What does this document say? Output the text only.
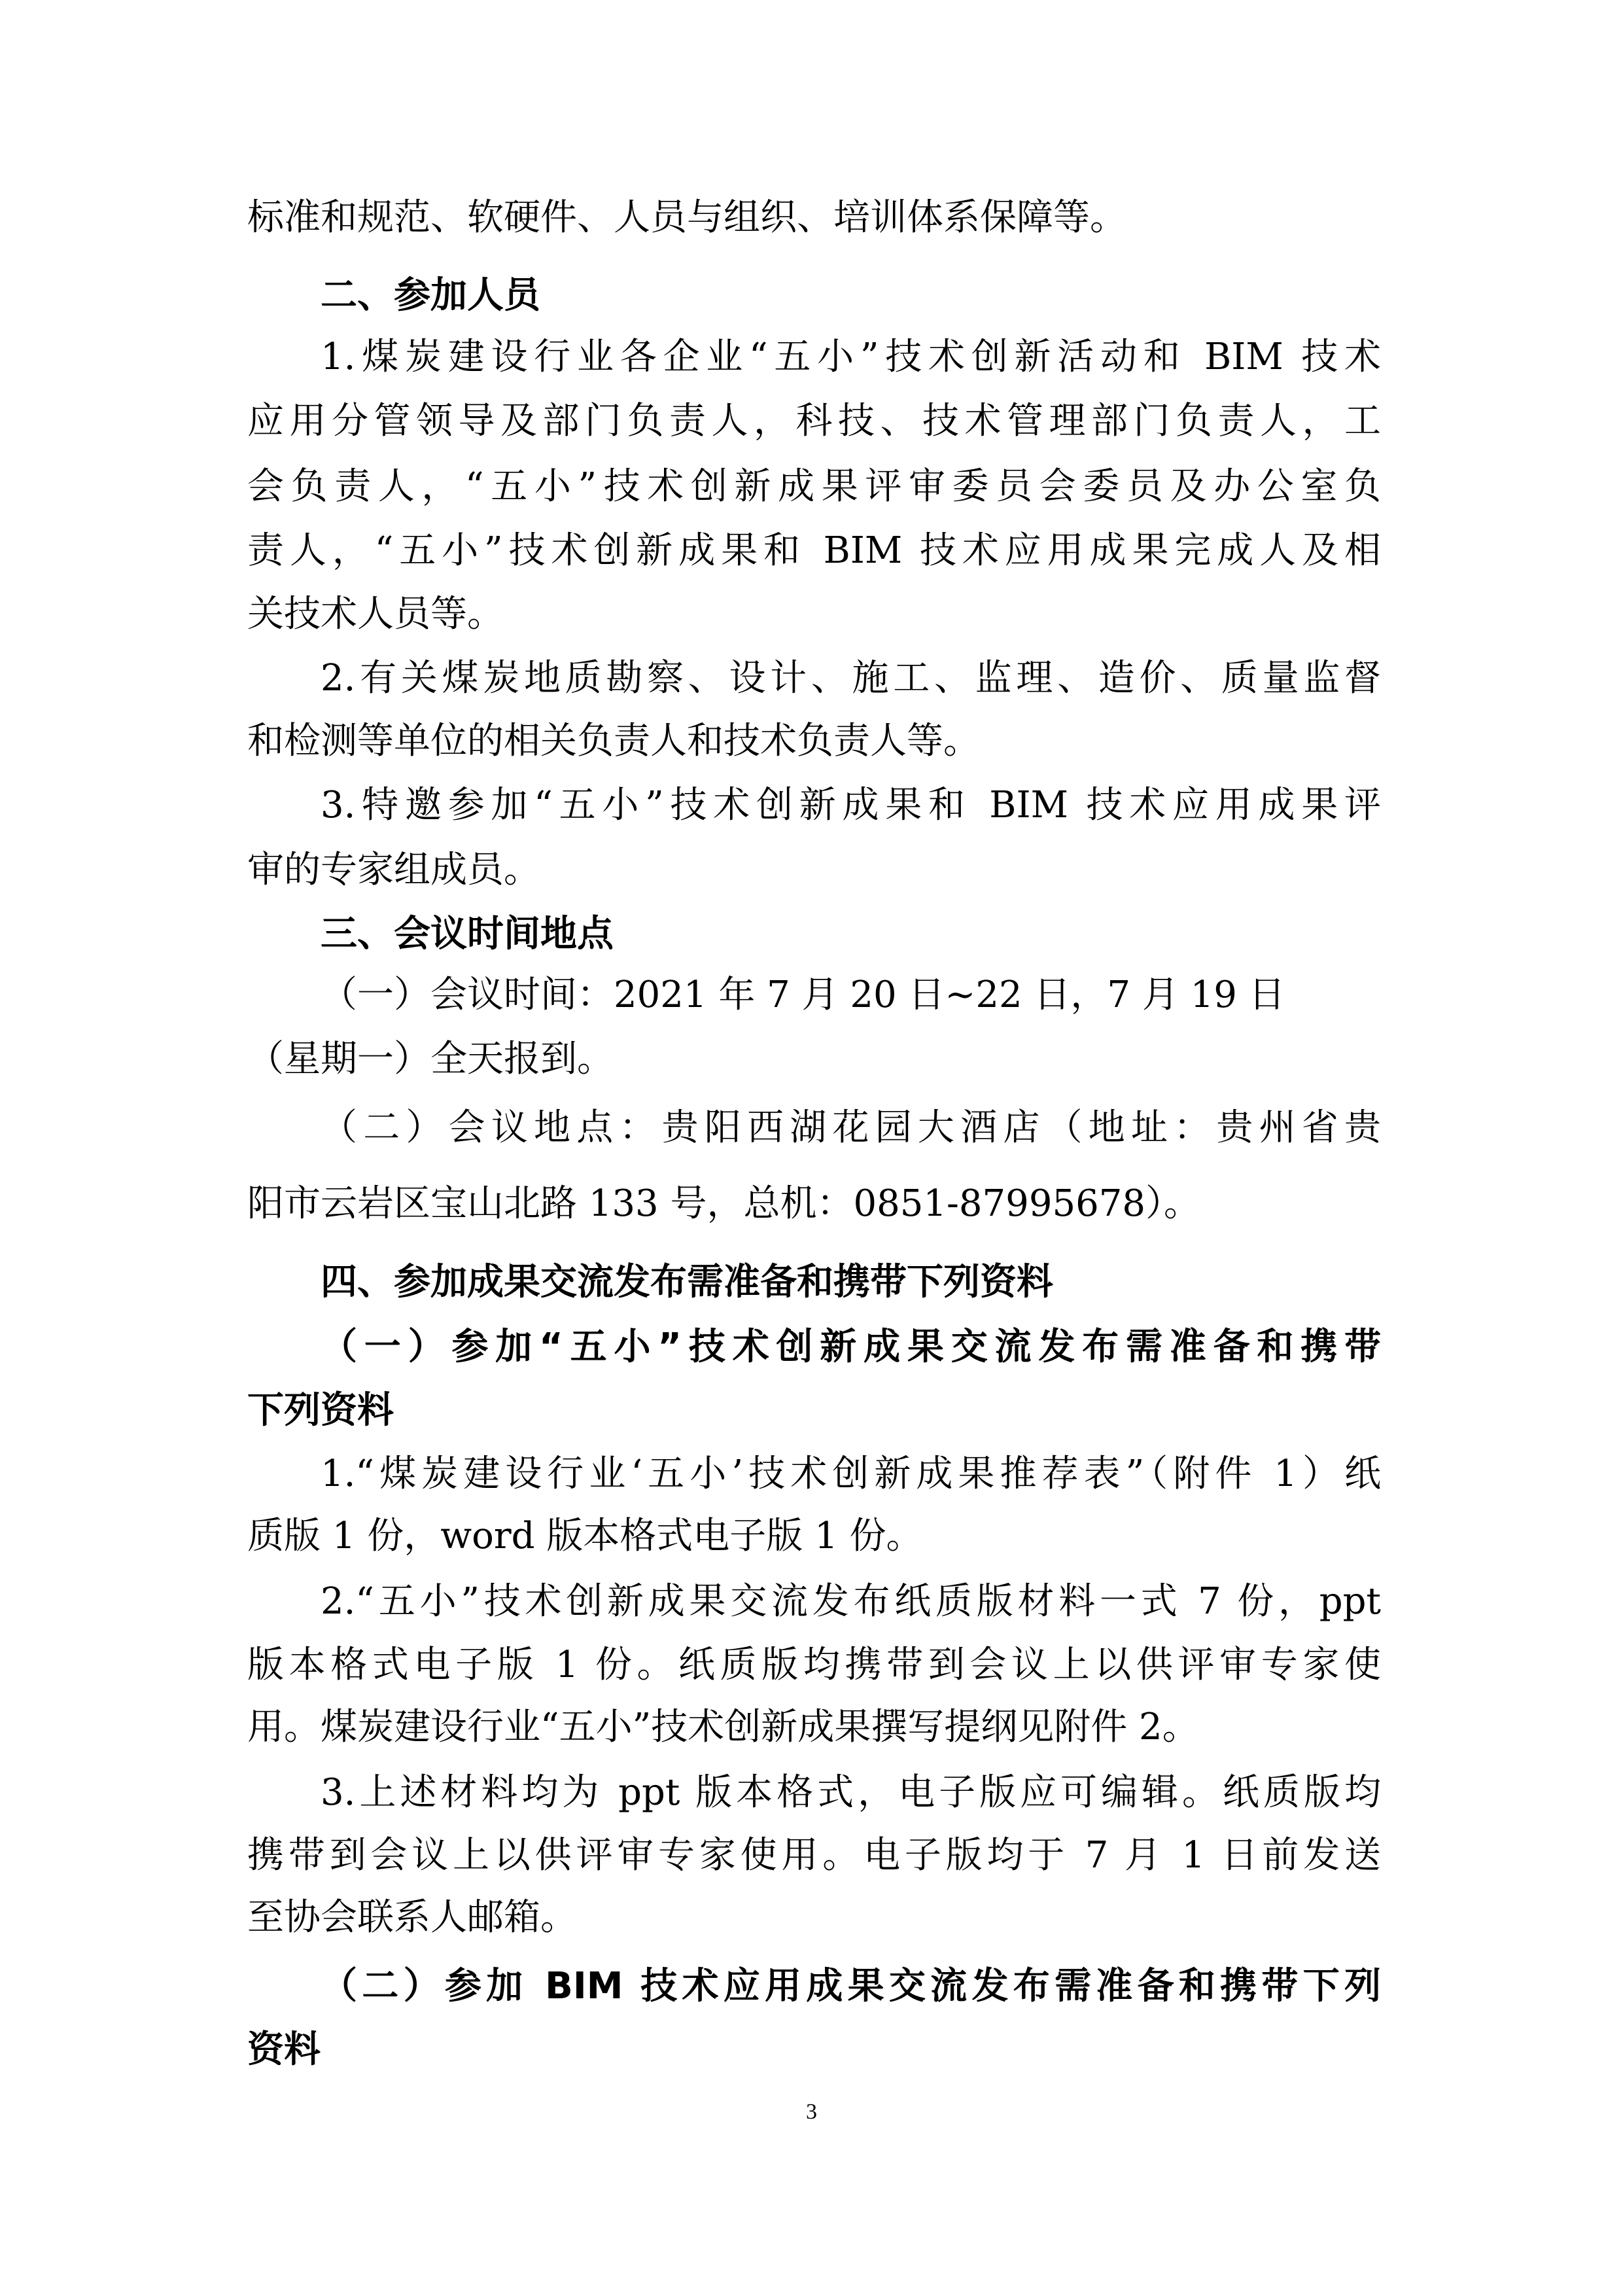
标准和规范、软硬件、人员与组织、培训体系保障等。
二、参加人员
1.煤炭建设行业各企业“五小”技术创新活动和 BIM 技术
应用分管领导及部门负责人，科技、技术管理部门负责人，工
会负责人，“五小”技术创新成果评审委员会委员及办公室负
责人，“五小”技术创新成果和 BIM 技术应用成果完成人及相
关技术人员等。
2.有关煤炭地质勘察、设计、施工、监理、造价、质量监督
和检测等单位的相关负责人和技术负责人等。
3.特邀参加“五小”技术创新成果和 BIM 技术应用成果评
审的专家组成员。
三、会议时间地点
（一）会议时间：2021 年 7 月 20 日~22 日，7 月 19 日
（星期一）全天报到。
（二）会议地点：贵阳西湖花园大酒店（地址：贵州省贵
阳市云岩区宝山北路 133 号，总机：0851-87995678）。
四、参加成果交流发布需准备和携带下列资料
（一）参加“五小”技术创新成果交流发布需准备和携带
下列资料
1.“煤炭建设行业‘五小’技术创新成果推荐表”（附件 1）纸
质版 1 份，word 版本格式电子版 1 份。
2.“五小”技术创新成果交流发布纸质版材料一式 7 份，ppt
版本格式电子版 1 份。纸质版均携带到会议上以供评审专家使
用。煤炭建设行业“五小”技术创新成果撰写提纲见附件 2。
3.上述材料均为 ppt 版本格式，电子版应可编辑。纸质版均
携带到会议上以供评审专家使用。电子版均于 7 月 1 日前发送
至协会联系人邮箱。
（二）参加 BIM 技术应用成果交流发布需准备和携带下列
资料
3
